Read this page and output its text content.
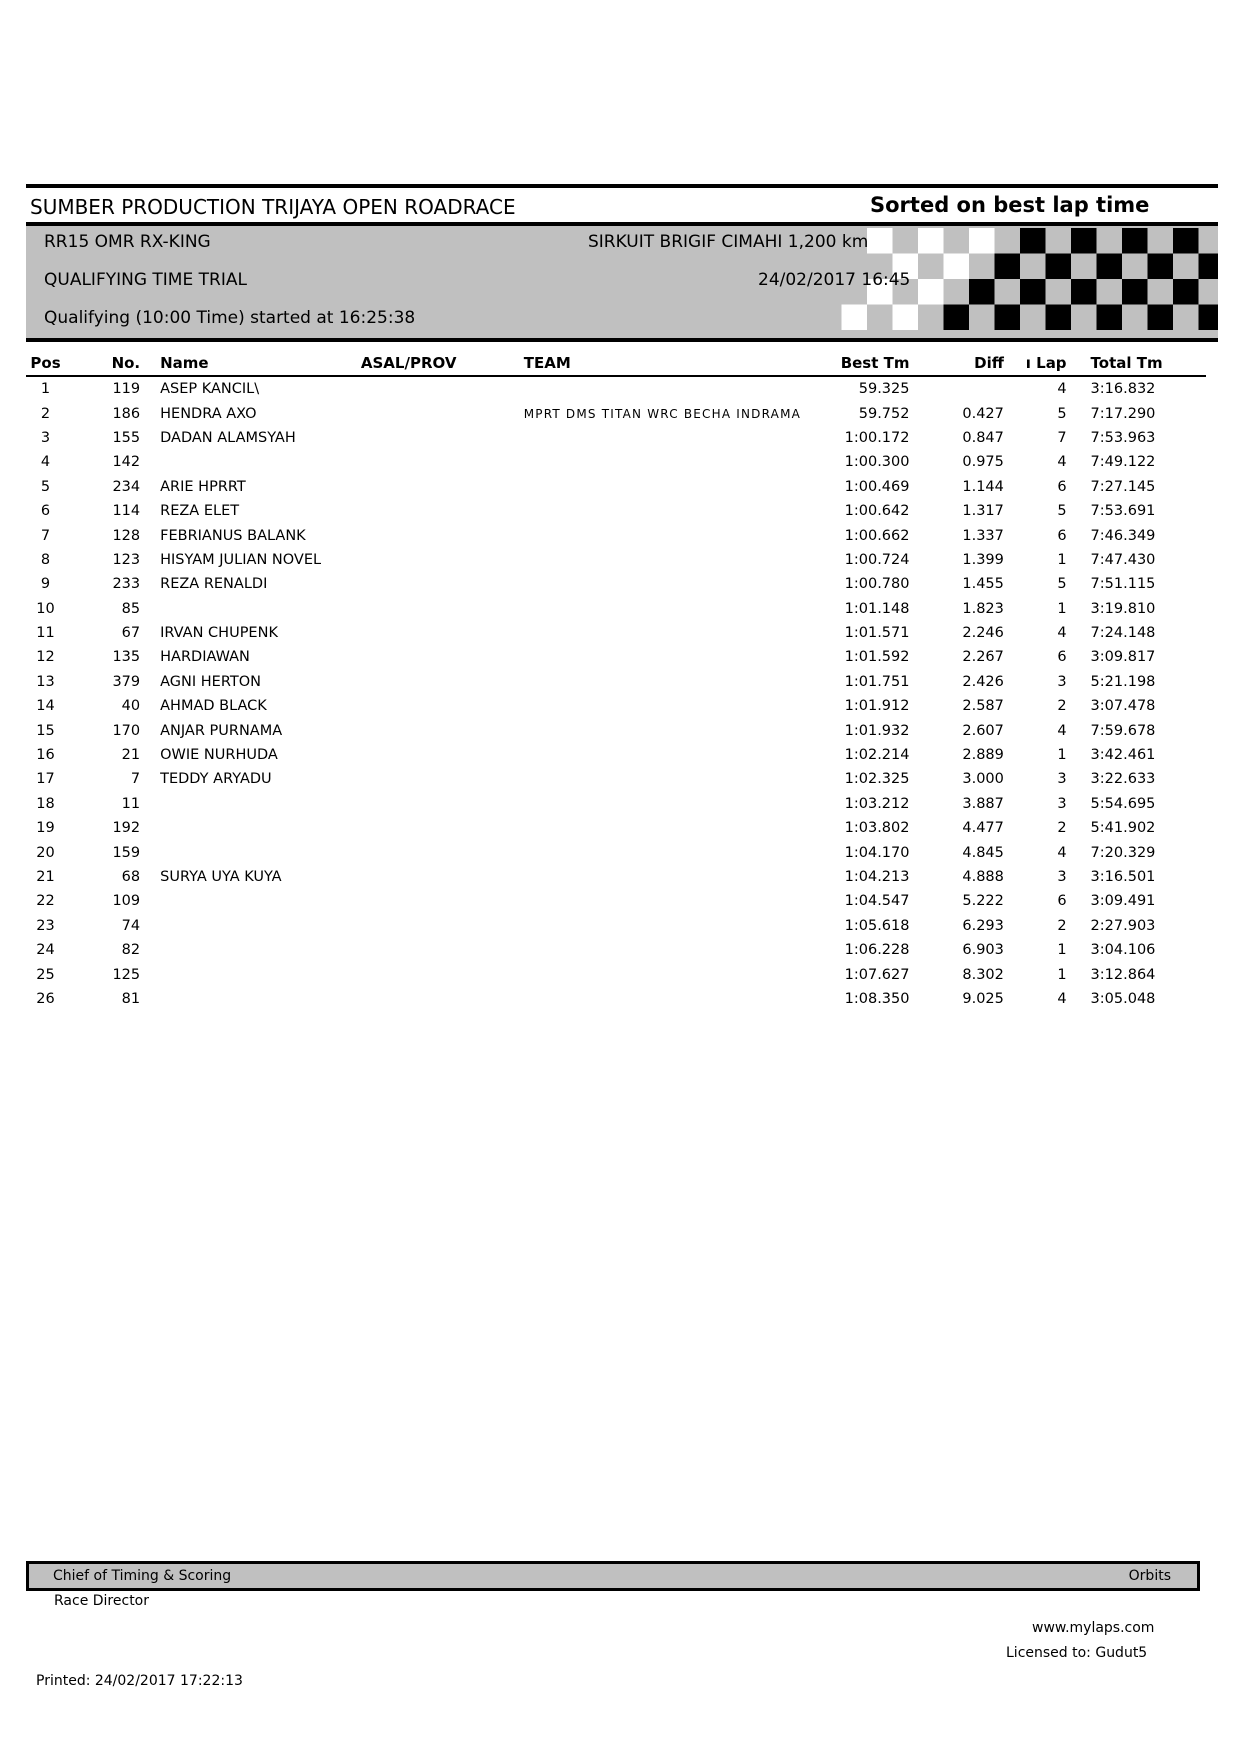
SUMBER PRODUCTION TRIJAYA OPEN ROADRACE	Sorted on best lap time
RR15 OMR RX-KING	SIRKUIT BRIGIF CIMAHI 1,200 km
QUALIFYING TIME TRIAL	24/02/2017 16:45
Qualifying (10:00 Time) started at 16:25:38
Pos	No.	Name	ASAL/PROV	TEAM	Best Tm	Diff	ı Lap	Total Tm
1	119	ASEP KANCIL\			59.325		4	3:16.832
2	186	HENDRA AXO		MPRT DMS TITAN WRC BECHA INDRAMA	59.752	0.427	5	7:17.290
3	155	DADAN ALAMSYAH			1:00.172	0.847	7	7:53.963
4	142				1:00.300	0.975	4	7:49.122
5	234	ARIE HPRRT			1:00.469	1.144	6	7:27.145
6	114	REZA ELET			1:00.642	1.317	5	7:53.691
7	128	FEBRIANUS BALANK			1:00.662	1.337	6	7:46.349
8	123	HISYAM JULIAN NOVEL			1:00.724	1.399	1	7:47.430
9	233	REZA RENALDI			1:00.780	1.455	5	7:51.115
10	85				1:01.148	1.823	1	3:19.810
11	67	IRVAN CHUPENK			1:01.571	2.246	4	7:24.148
12	135	HARDIAWAN			1:01.592	2.267	6	3:09.817
13	379	AGNI HERTON			1:01.751	2.426	3	5:21.198
14	40	AHMAD BLACK			1:01.912	2.587	2	3:07.478
15	170	ANJAR PURNAMA			1:01.932	2.607	4	7:59.678
16	21	OWIE NURHUDA			1:02.214	2.889	1	3:42.461
17	7	TEDDY ARYADU			1:02.325	3.000	3	3:22.633
18	11				1:03.212	3.887	3	5:54.695
19	192				1:03.802	4.477	2	5:41.902
20	159				1:04.170	4.845	4	7:20.329
21	68	SURYA UYA KUYA			1:04.213	4.888	3	3:16.501
22	109				1:04.547	5.222	6	3:09.491
23	74				1:05.618	6.293	2	2:27.903
24	82				1:06.228	6.903	1	3:04.106
25	125				1:07.627	8.302	1	3:12.864
26	81				1:08.350	9.025	4	3:05.048
Chief of Timing & Scoring	Orbits
Race Director
www.mylaps.com
Licensed to: Gudut5
Printed: 24/02/2017 17:22:13
